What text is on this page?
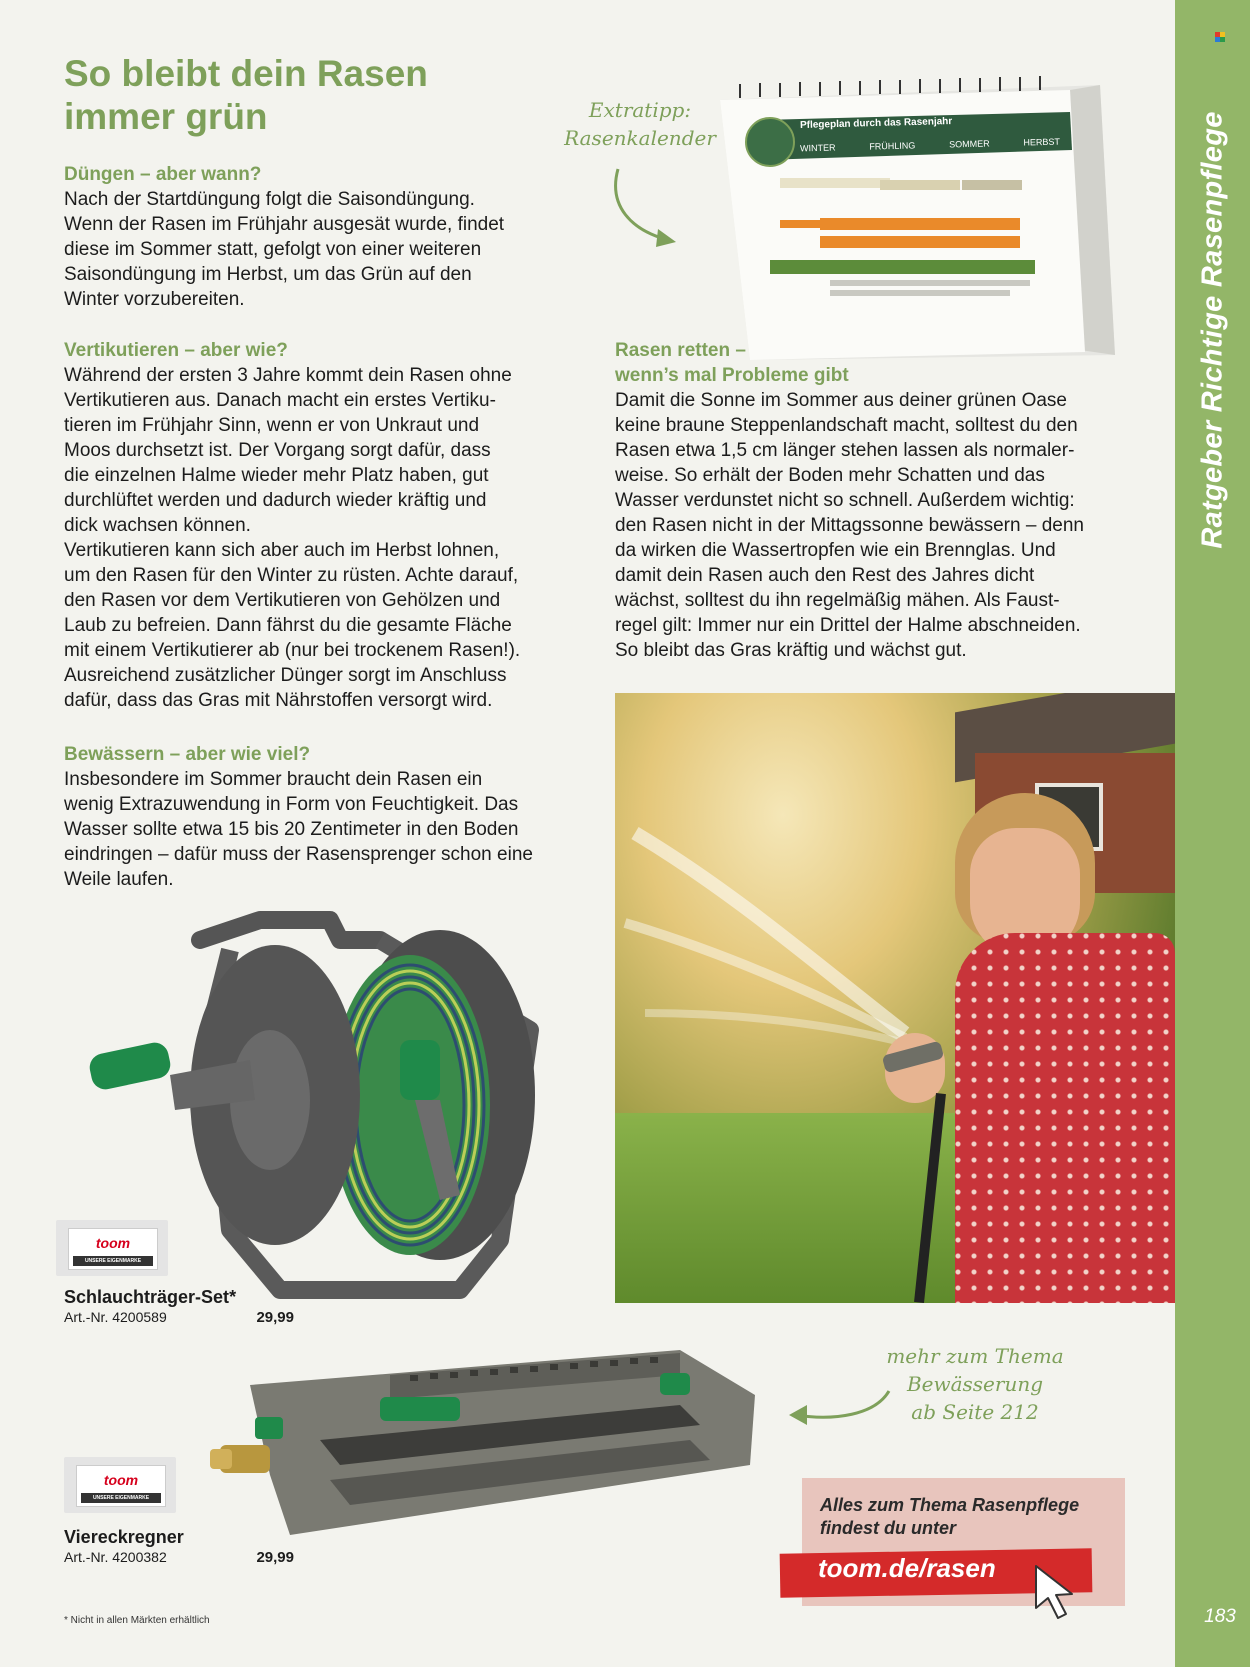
So bleibt dein Rasen
immer grün
Düngen – aber wann?

Nach der Startdüngung folgt die Saisondüngung.
Wenn der Rasen im Frühjahr ausgesät wurde, findet
diese im Sommer statt, gefolgt von einer weiteren
Saisondüngung im Herbst, um das Grün auf den
Winter vorzubereiten.

Vertikutieren – aber wie?

Während der ersten 3 Jahre kommt dein Rasen ohne
Vertikutieren aus. Danach macht ein erstes Vertiku-
tieren im Frühjahr Sinn, wenn er von Unkraut und
Moos durchsetzt ist. Der Vorgang sorgt dafür, dass
die einzelnen Halme wieder mehr Platz haben, gut
durchlüftet werden und dadurch wieder kräftig und
dick wachsen können.
Vertikutieren kann sich aber auch im Herbst lohnen,
um den Rasen für den Winter zu rüsten. Achte darauf,
den Rasen vor dem Vertikutieren von Gehölzen und
Laub zu befreien. Dann fährst du die gesamte Fläche
mit einem Vertikutierer ab (nur bei trockenem Rasen!).
Ausreichend zusätzlicher Dünger sorgt im Anschluss
dafür, dass das Gras mit Nährstoffen versorgt wird.

Bewässern – aber wie viel?

Insbesondere im Sommer braucht dein Rasen ein
wenig Extrazuwendung in Form von Feuchtigkeit. Das
Wasser sollte etwa 15 bis 20 Zentimeter in den Boden
eindringen – dafür muss der Rasensprenger schon eine
Weile laufen.

Rasen retten –
wenn’s mal Probleme gibt

Damit die Sonne im Sommer aus deiner grünen Oase
keine braune Steppenlandschaft macht, solltest du den
Rasen etwa 1,5 cm länger stehen lassen als normaler-
weise. So erhält der Boden mehr Schatten und das
Wasser verdunstet nicht so schnell. Außerdem wichtig:
den Rasen nicht in der Mittagssonne bewässern – denn
da wirken die Wassertropfen wie ein Brennglas. Und
damit dein Rasen auch den Rest des Jahres dicht
wächst, solltest du ihn regelmäßig mähen. Als Faust-
regel gilt: Immer nur ein Drittel der Halme abschneiden.
So bleibt das Gras kräftig und wächst gut.

Extratipp:
Rasenkalender
Pflegeplan durch das Rasenjahr
WINTER	FRÜHLING	SOMMER	HERBST
toom
UNSERE EIGENMARKE
toom
UNSERE EIGENMARKE
Schlauchträger-Set*
Art.-Nr. 4200589	29,99
Viereckregner
Art.-Nr. 4200382	29,99
mehr zum Thema
Bewässerung
ab Seite 212
Alles zum Thema Rasenpflege
findest du unter
toom.de/rasen
* Nicht in allen Märkten erhältlich
Ratgeber Richtige Rasenpflege
183
